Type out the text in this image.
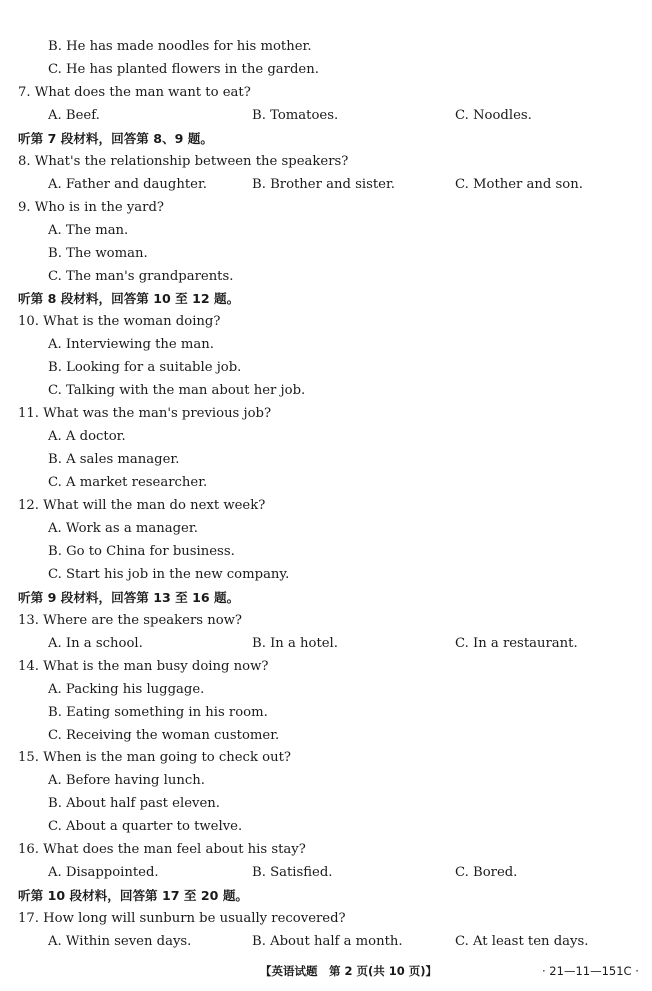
B. He has made noodles for his mother.
C. He has planted flowers in the garden.
7. What does the man want to eat?
A. Beef.	B. Tomatoes.	C. Noodles.
听第 7 段材料，回答第 8、9 题。
8. What's the relationship between the speakers?
A. Father and daughter.	B. Brother and sister.	C. Mother and son.
9. Who is in the yard?
A. The man.
B. The woman.
C. The man's grandparents.
听第 8 段材料，回答第 10 至 12 题。
10. What is the woman doing?
A. Interviewing the man.
B. Looking for a suitable job.
C. Talking with the man about her job.
11. What was the man's previous job?
A. A doctor.
B. A sales manager.
C. A market researcher.
12. What will the man do next week?
A. Work as a manager.
B. Go to China for business.
C. Start his job in the new company.
听第 9 段材料，回答第 13 至 16 题。
13. Where are the speakers now?
A. In a school.	B. In a hotel.	C. In a restaurant.
14. What is the man busy doing now?
A. Packing his luggage.
B. Eating something in his room.
C. Receiving the woman customer.
15. When is the man going to check out?
A. Before having lunch.
B. About half past eleven.
C. About a quarter to twelve.
16. What does the man feel about his stay?
A. Disappointed.	B. Satisfied.	C. Bored.
听第 10 段材料，回答第 17 至 20 题。
17. How long will sunburn be usually recovered?
A. Within seven days.	B. About half a month.	C. At least ten days.
【英语试题　第 2 页(共 10 页)】	· 21—11—151C ·
